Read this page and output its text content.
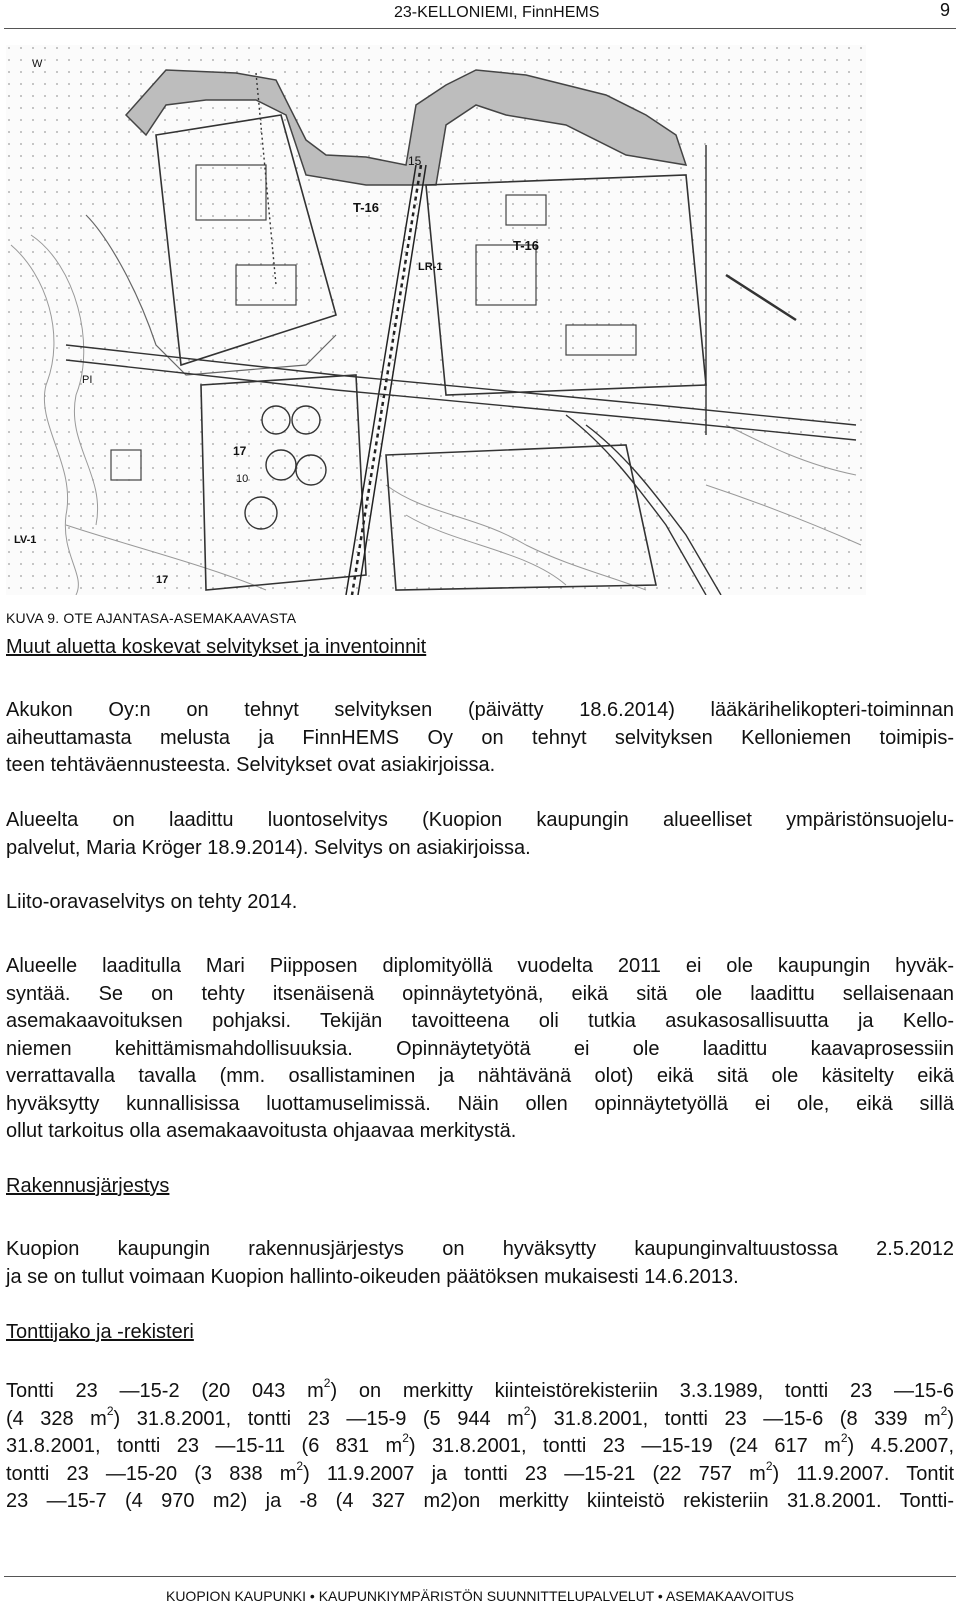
23-KELLONIEMI, FinnHEMS	9
W
15
T-16
T-16
LR-1
17
10
PI
LV-1
17
KUVA 9. OTE AJANTASA-ASEMAKAAVASTA
Muut aluetta koskevat selvitykset ja inventoinnit

Akukon Oy:n on tehnyt selvityksen (päivätty 18.6.2014) lääkärihelikopteri-toiminnan
aiheuttamasta melusta ja FinnHEMS Oy on tehnyt selvityksen Kelloniemen toimipis-
teen tehtäväennusteesta. Selvitykset ovat asiakirjoissa.

Alueelta on laadittu luontoselvitys (Kuopion kaupungin alueelliset ympäristönsuojelu-
palvelut, Maria Kröger 18.9.2014). Selvitys on asiakirjoissa.

Liito-oravaselvitys on tehty 2014.

Alueelle laaditulla Mari Piipposen diplomityöllä vuodelta 2011 ei ole kaupungin hyväk-
syntää. Se on tehty itsenäisenä opinnäytetyönä, eikä sitä ole laadittu sellaisenaan
asemakaavoituksen pohjaksi. Tekijän tavoitteena oli tutkia asukasosallisuutta ja Kello-
niemen kehittämismahdollisuuksia. Opinnäytetyötä ei ole laadittu kaavaprosessiin
verrattavalla tavalla (mm. osallistaminen ja nähtävänä olot) eikä sitä ole käsitelty eikä
hyväksytty kunnallisissa luottamuselimissä. Näin ollen opinnäytetyöllä ei ole, eikä sillä
ollut tarkoitus olla asemakaavoitusta ohjaavaa merkitystä.

Rakennusjärjestys

Kuopion kaupungin rakennusjärjestys on hyväksytty kaupunginvaltuustossa 2.5.2012
ja se on tullut voimaan Kuopion hallinto-oikeuden päätöksen mukaisesti 14.6.2013.

Tonttijako ja -rekisteri

Tontti 23 ―15-2 (20 043 $m^2$) on merkitty kiinteistörekisteriin 3.3.1989, tontti 23 ―15-6
(4 328 $m^2$) 31.8.2001, tontti 23 ―15-9 (5 944 $m^2$) 31.8.2001, tontti 23 ―15-6 (8 339 $m^2$)
31.8.2001, tontti 23 ―15-11 (6 831 $m^2$) 31.8.2001, tontti 23 ―15-19 (24 617 $m^2$) 4.5.2007,
tontti 23 ―15-20 (3 838 $m^2$) 11.9.2007 ja tontti 23 ―15-21 (22 757 $m^2$) 11.9.2007. Tontit
23 ―15-7 (4 970 m2) ja -8 (4 327 m2)on merkitty kiinteistö rekisteriin 31.8.2001. Tontti-

KUOPION KAUPUNKI • KAUPUNKIYMPÄRISTÖN SUUNNITTELUPALVELUT • ASEMAKAAVOITUS
